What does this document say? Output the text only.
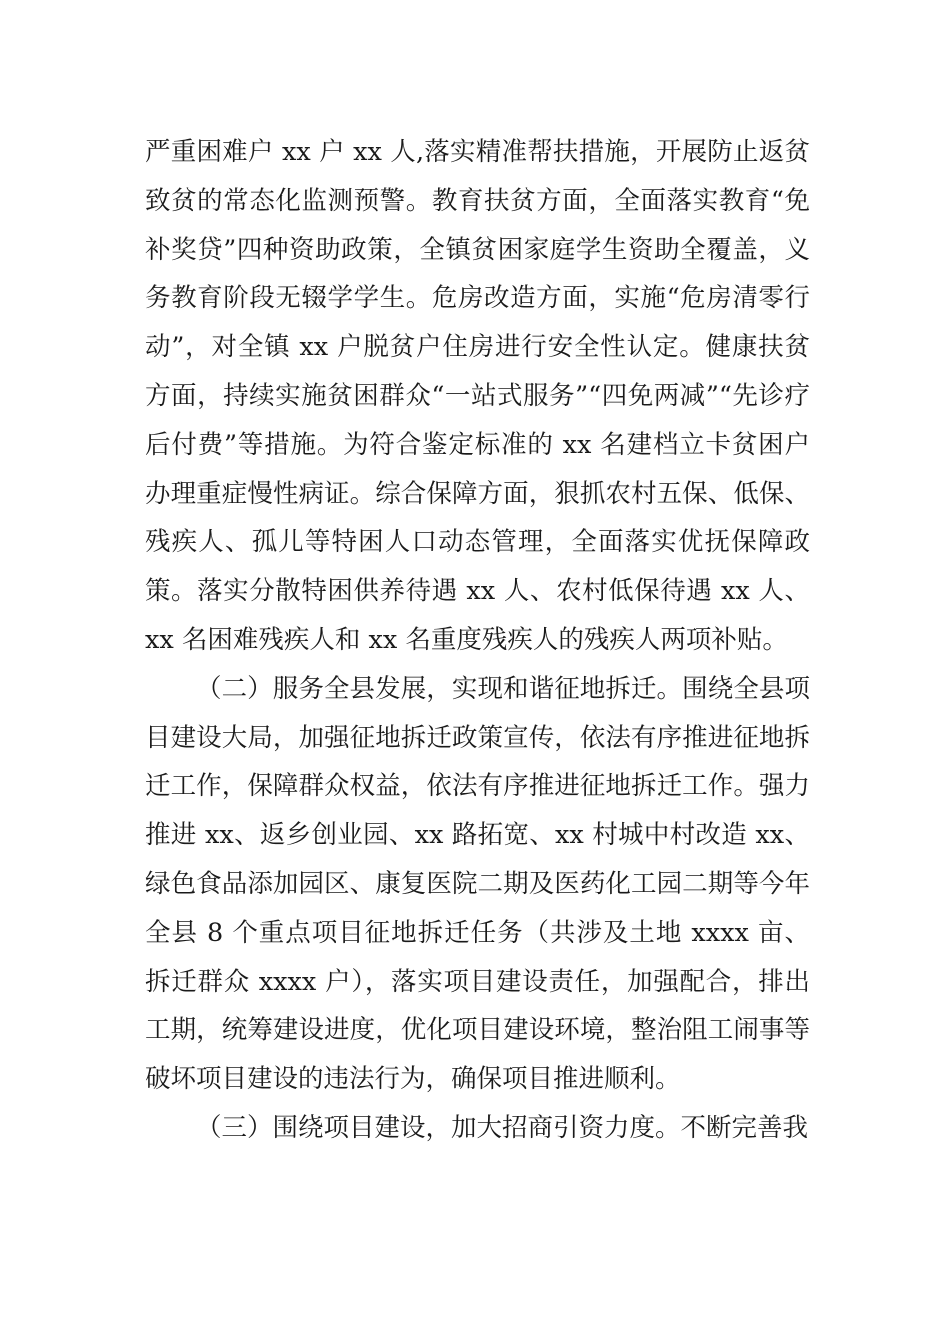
严重困难户 xx 户 xx 人,落实精准帮扶措施，开展防止返贫致贫的常态化监测预警。教育扶贫方面，全面落实教育“免补奖贷”四种资助政策，全镇贫困家庭学生资助全覆盖，义务教育阶段无辍学学生。危房改造方面，实施“危房清零行动”，对全镇 xx 户脱贫户住房进行安全性认定。健康扶贫方面，持续实施贫困群众“一站式服务”“四免两减”“先诊疗后付费”等措施。为符合鉴定标准的 xx 名建档立卡贫困户办理重症慢性病证。综合保障方面，狠抓农村五保、低保、残疾人、孤儿等特困人口动态管理，全面落实优抚保障政策。落实分散特困供养待遇 xx 人、农村低保待遇 xx 人、xx 名困难残疾人和 xx 名重度残疾人的残疾人两项补贴。

（二）服务全县发展，实现和谐征地拆迁。围绕全县项目建设大局，加强征地拆迁政策宣传，依法有序推进征地拆迁工作，保障群众权益，依法有序推进征地拆迁工作。强力推进 xx、返乡创业园、xx 路拓宽、xx 村城中村改造 xx、绿色食品添加园区、康复医院二期及医药化工园二期等今年全县 8 个重点项目征地拆迁任务（共涉及土地 xxxx 亩、拆迁群众 xxxx 户），落实项目建设责任，加强配合，排出工期，统筹建设进度，优化项目建设环境，整治阻工闹事等破坏项目建设的违法行为，确保项目推进顺利。

（三）围绕项目建设，加大招商引资力度。不断完善我
